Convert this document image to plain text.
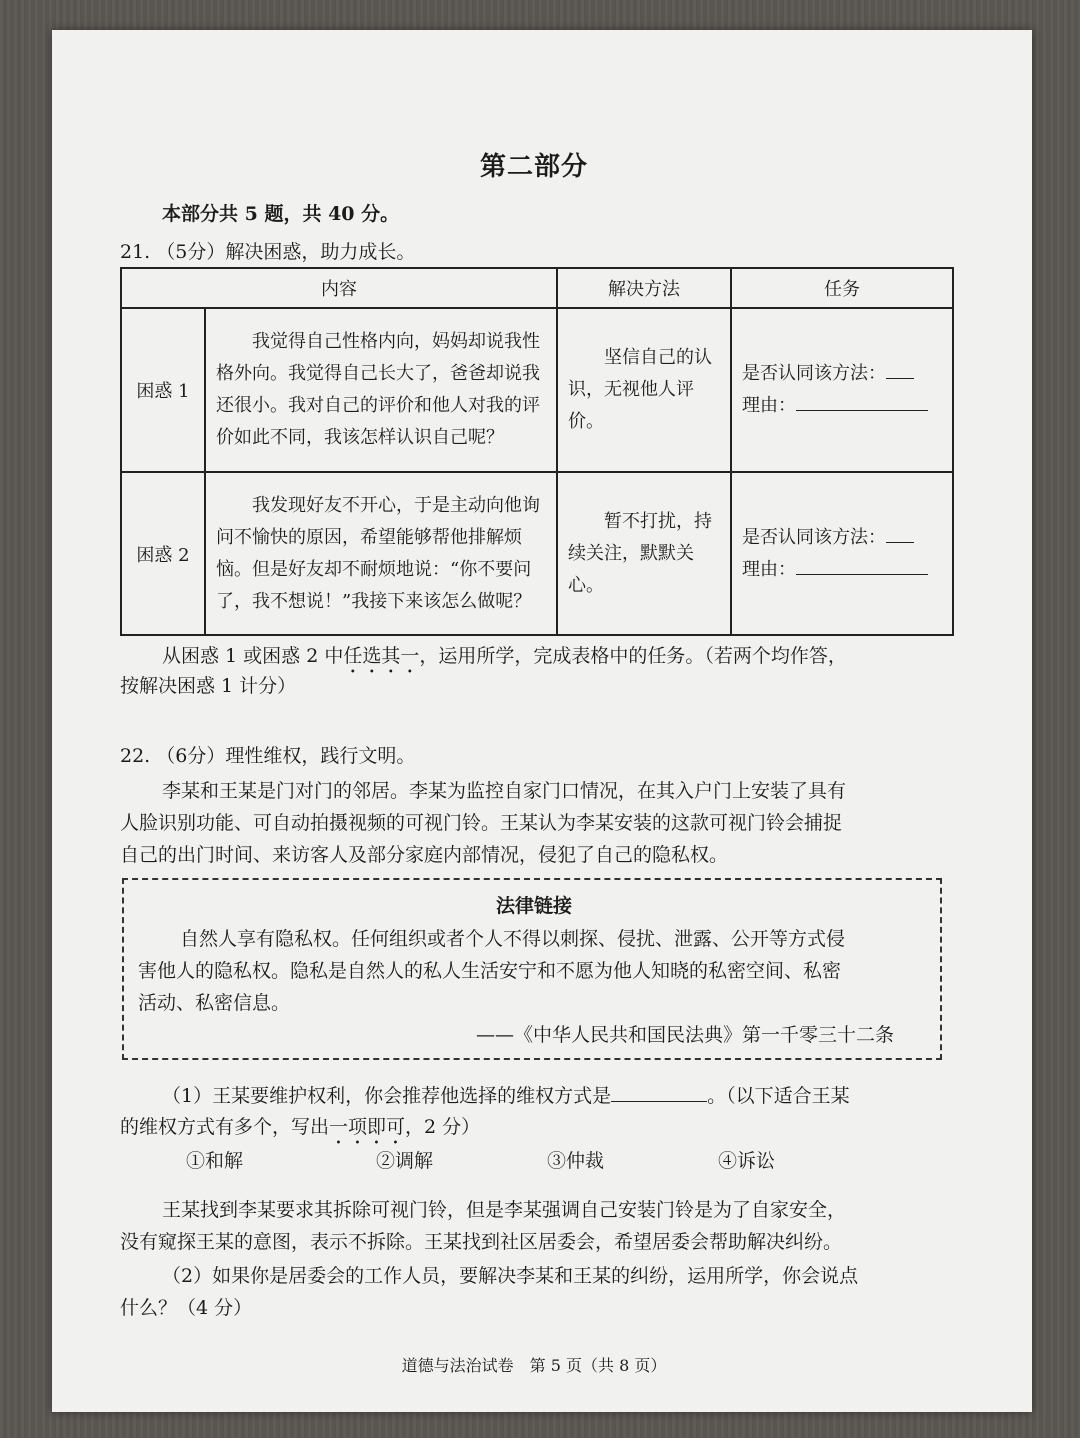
第二部分
本部分共 5 题，共 40 分。
21. （5分）解决困惑，助力成长。
内容		解决方法	任务
困惑 1	我觉得自己性格内向，妈妈却说我性格外向。我觉得自己长大了，爸爸却说我还很小。我对自己的评价和他人对我的评价如此不同，我该怎样认识自己呢？	坚信自己的认识，无视他人评价。	是否认同该方法：
理由：

困惑 2	我发现好友不开心，于是主动向他询问不愉快的原因，希望能够帮他排解烦恼。但是好友却不耐烦地说：“你不要问了，我不想说！”我接下来该怎么做呢？	暂不打扰，持续关注，默默关心。	是否认同该方法：
理由：
从困惑 1 或困惑 2 中任选其一，运用所学，完成表格中的任务。（若两个均作答，
按解决困惑 1 计分）
22. （6分）理性维权，践行文明。
李某和王某是门对门的邻居。李某为监控自家门口情况，在其入户门上安装了具有
人脸识别功能、可自动拍摄视频的可视门铃。王某认为李某安装的这款可视门铃会捕捉
自己的出门时间、来访客人及部分家庭内部情况，侵犯了自己的隐私权。
法律链接
自然人享有隐私权。任何组织或者个人不得以刺探、侵扰、泄露、公开等方式侵
害他人的隐私权。隐私是自然人的私人生活安宁和不愿为他人知晓的私密空间、私密
活动、私密信息。
——《中华人民共和国民法典》第一千零三十二条
（1）王某要维护权利，你会推荐他选择的维权方式是	。（以下适合王某
的维权方式有多个，写出一项即可，2 分）
①和解	②调解	③仲裁	④诉讼
王某找到李某要求其拆除可视门铃，但是李某强调自己安装门铃是为了自家安全，
没有窥探王某的意图，表示不拆除。王某找到社区居委会，希望居委会帮助解决纠纷。
（2）如果你是居委会的工作人员，要解决李某和王某的纠纷，运用所学，你会说点
什么？（4 分）
道德与法治试卷　第 5 页（共 8 页）
